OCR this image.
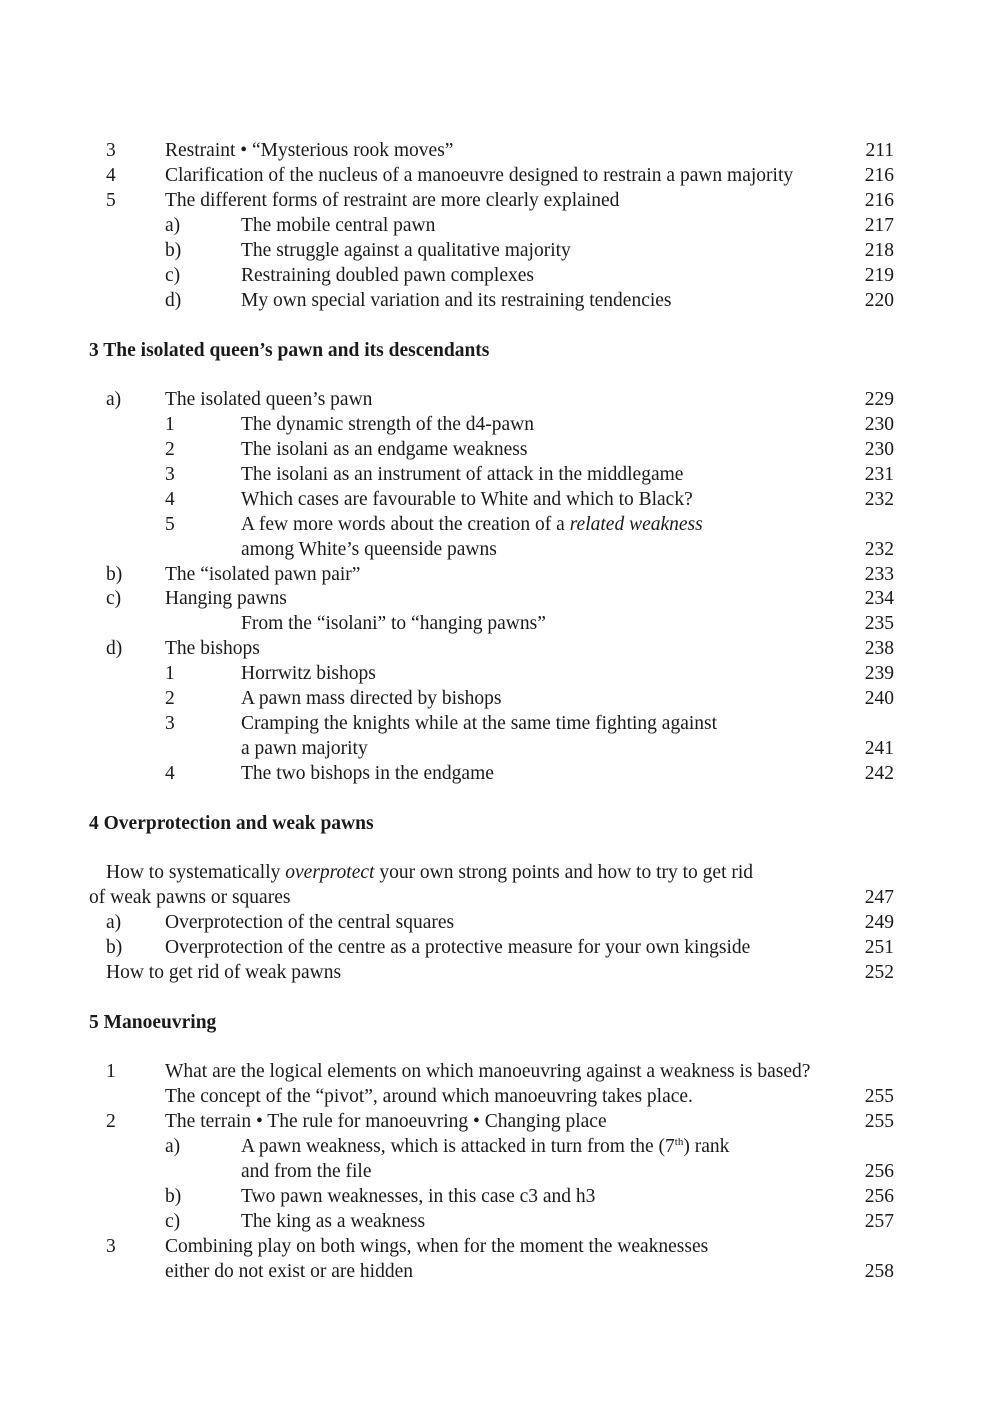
3	Restraint • “Mysterious rook moves”	211
4	Clarification of the nucleus of a manoeuvre designed to restrain a pawn majority	216
5	The different forms of restraint are more clearly explained	216
a)	The mobile central pawn	217
b)	The struggle against a qualitative majority	218
c)	Restraining doubled pawn complexes	219
d)	My own special variation and its restraining tendencies	220
3 The isolated queen’s pawn and its descendants
a) The isolated queen’s pawn	229
1	The dynamic strength of the d4-pawn	230
2	The isolani as an endgame weakness	230
3	The isolani as an instrument of attack in the middlegame	231
4	Which cases are favourable to White and which to Black?	232
5	A few more words about the creation of a related weakness
among White’s queenside pawns	232
b) The “isolated pawn pair”	233
c) Hanging pawns	234
From the “isolani” to “hanging pawns”	235
d) The bishops	238
1	Horrwitz bishops	239
2	A pawn mass directed by bishops	240
3	Cramping the knights while at the same time fighting against
a pawn majority	241
4	The two bishops in the endgame	242
4 Overprotection and weak pawns
How to systematically overprotect your own strong points and how to try to get rid
of weak pawns or squares	247
a) Overprotection of the central squares	249
b) Overprotection of the centre as a protective measure for your own kingside	251
How to get rid of weak pawns	252
5 Manoeuvring
1	What are the logical elements on which manoeuvring against a weakness is based?
The concept of the “pivot”, around which manoeuvring takes place.	255
2	The terrain • The rule for manoeuvring • Changing place	255
a)	A pawn weakness, which is attacked in turn from the (7th) rank
and from the file	256
b)	Two pawn weaknesses, in this case c3 and h3	256
c)	The king as a weakness	257
3	Combining play on both wings, when for the moment the weaknesses
either do not exist or are hidden	258
